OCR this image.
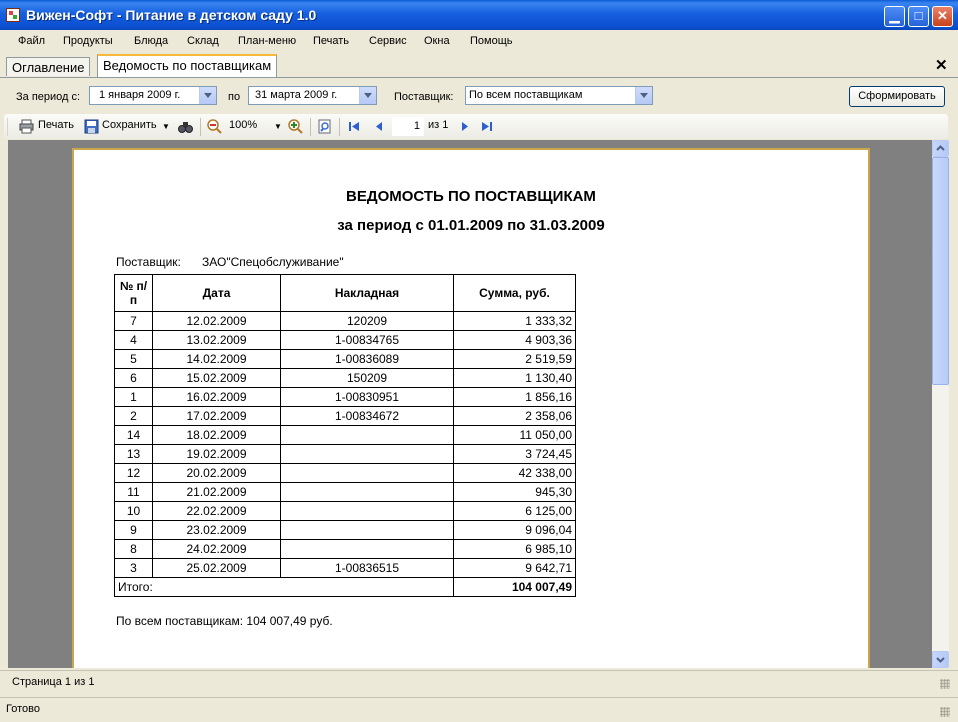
Вижен-Софт - Питание в детском саду 1.0	▁	□	✕
Файл Продукты Блюда Склад План-меню Печать Сервис Окна Помощь
Оглавление	Ведомость по поставщикам	✕
За период с:	1 января 2009 г.	по	31 марта 2009 г.	Поставщик:	По всем поставщикам	Сформировать
Печать	Сохранить ▼	100% ▼	1 из 1
ВЕДОМОСТЬ ПО ПОСТАВЩИКАМ
за период с 01.01.2009 по 31.03.2009
Поставщик: ЗАО"Спецобслуживание"
№ п/п	Дата	Накладная	Сумма, руб.
7	12.02.2009	120209	1 333,32
4	13.02.2009	1-00834765	4 903,36
5	14.02.2009	1-00836089	2 519,59
6	15.02.2009	150209	1 130,40
1	16.02.2009	1-00830951	1 856,16
2	17.02.2009	1-00834672	2 358,06
14	18.02.2009		11 050,00
13	19.02.2009		3 724,45
12	20.02.2009		42 338,00
11	21.02.2009		945,30
10	22.02.2009		6 125,00
9	23.02.2009		9 096,04
8	24.02.2009		6 985,10
3	25.02.2009	1-00836515	9 642,71
Итого:			104 007,49
По всем поставщикам: 104 007,49 руб.
Страница 1 из 1
Готово
